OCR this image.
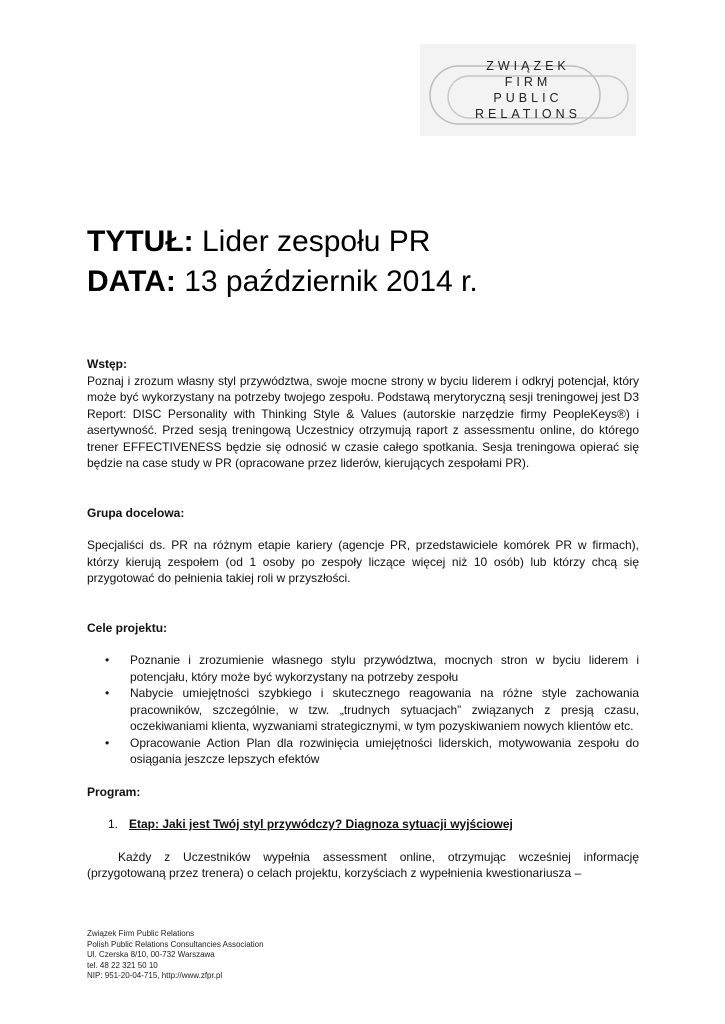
ZWIĄZEK
FIRM
PUBLIC
RELATIONS
TYTUŁ: Lider zespołu PR
DATA: 13 październik 2014 r.

Wstęp:

Poznaj i zrozum własny styl przywództwa, swoje mocne strony w byciu liderem i odkryj potencjał, który może być wykorzystany na potrzeby twojego zespołu. Podstawą merytoryczną sesji treningowej jest D3 Report: DISC Personality with Thinking Style & Values (autorskie narzędzie firmy PeopleKeys®) i asertywność. Przed sesją treningową Uczestnicy otrzymują raport z assessmentu online, do którego trener EFFECTIVENESS będzie się odnosić w czasie całego spotkania. Sesja treningowa opierać się będzie na case study w PR (opracowane przez liderów, kierujących zespołami PR).

Grupa docelowa:

Specjaliści ds. PR na różnym etapie kariery (agencje PR, przedstawiciele komórek PR w firmach), którzy kierują zespołem (od 1 osoby po zespoły liczące więcej niż 10 osób) lub którzy chcą się przygotować do pełnienia takiej roli w przyszłości.

Cele projektu:

• Poznanie i zrozumienie własnego stylu przywództwa, mocnych stron w byciu liderem i potencjału, który może być wykorzystany na potrzeby zespołu
• Nabycie umiejętności szybkiego i skutecznego reagowania na różne style zachowania pracowników, szczególnie, w tzw. „trudnych sytuacjach” związanych z presją czasu, oczekiwaniami klienta, wyzwaniami strategicznymi, w tym pozyskiwaniem nowych klientów etc.
• Opracowanie Action Plan dla rozwinięcia umiejętności liderskich, motywowania zespołu do osiągania jeszcze lepszych efektów

Program:

1. Etap: Jaki jest Twój styl przywódczy? Diagnoza sytuacji wyjściowej

Każdy z Uczestników wypełnia assessment online, otrzymując wcześniej informację (przygotowaną przez trenera) o celach projektu, korzyściach z wypełnienia kwestionariusza –

Związek Firm Public Relations
Polish Public Relations Consultancies Association
Ul. Czerska 8/10, 00-732 Warszawa
tel. 48 22 321 50 10
NIP: 951-20-04-715, http://www.zfpr.pl
